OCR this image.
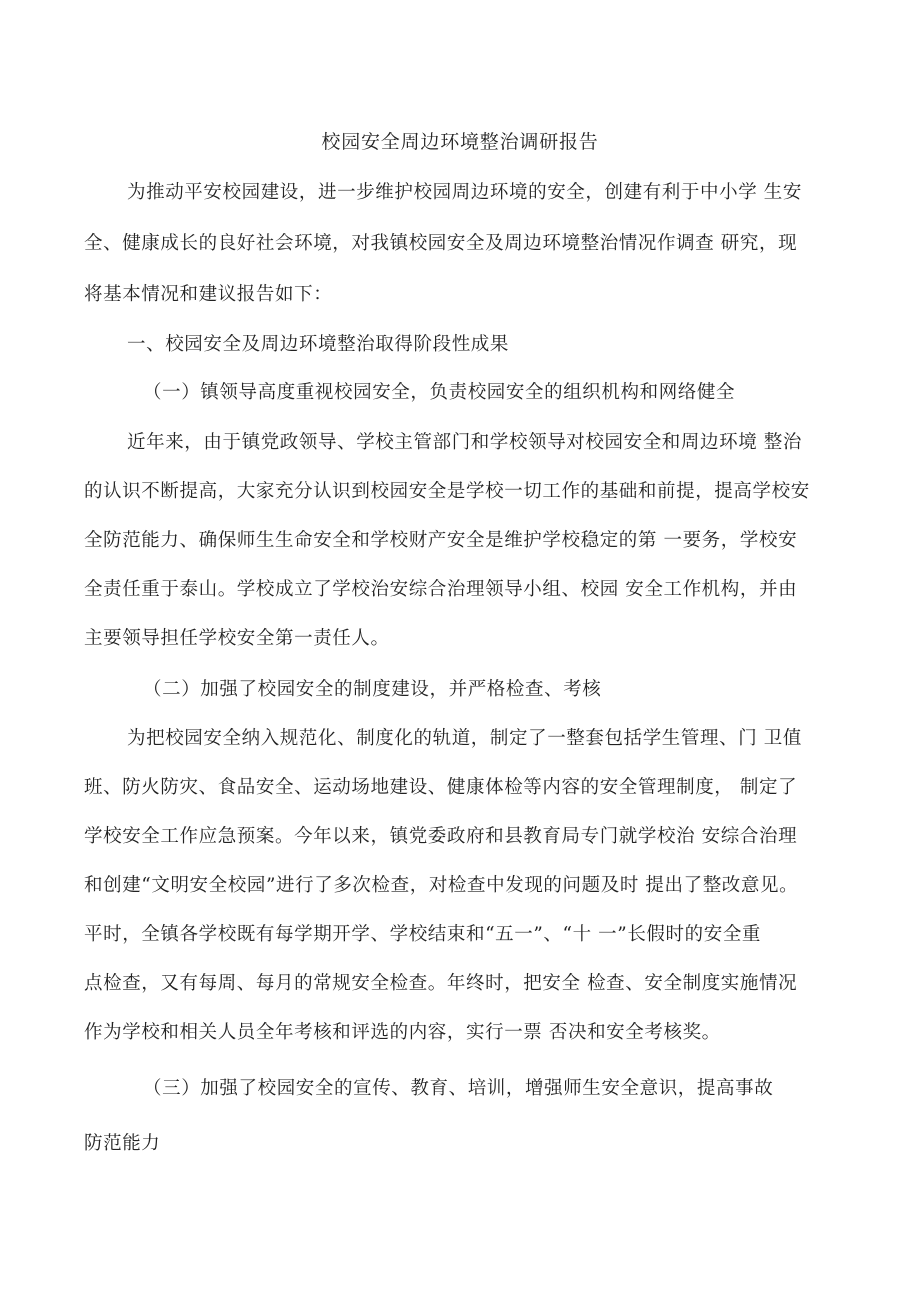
校园安全周边环境整治调研报告
为推动平安校园建设，进一步维护校园周边环境的安全，创建有利于中小学 生安
全、健康成长的良好社会环境，对我镇校园安全及周边环境整治情况作调查 研究，现
将基本情况和建议报告如下：
一、校园安全及周边环境整治取得阶段性成果
（一）镇领导高度重视校园安全，负责校园安全的组织机构和网络健全
近年来，由于镇党政领导、学校主管部门和学校领导对校园安全和周边环境 整治
的认识不断提高，大家充分认识到校园安全是学校一切工作的基础和前提，提高学校安
全防范能力、确保师生生命安全和学校财产安全是维护学校稳定的第 一要务，学校安
全责任重于泰山。学校成立了学校治安综合治理领导小组、校园 安全工作机构，并由
主要领导担任学校安全第一责任人。
（二）加强了校园安全的制度建设，并严格检查、考核
为把校园安全纳入规范化、制度化的轨道，制定了一整套包括学生管理、门 卫值
班、防火防灾、食品安全、运动场地建设、健康体检等内容的安全管理制度， 制定了
学校安全工作应急预案。今年以来，镇党委政府和县教育局专门就学校治 安综合治理
和创建“文明安全校园”进行了多次检查，对检查中发现的问题及时 提出了整改意见。
平时，全镇各学校既有每学期开学、学校结束和“五一”、“十 一”长假时的安全重
点检查，又有每周、每月的常规安全检查。年终时，把安全 检查、安全制度实施情况
作为学校和相关人员全年考核和评选的内容，实行一票 否决和安全考核奖。
（三）加强了校园安全的宣传、教育、培训，增强师生安全意识，提高事故
防范能力
